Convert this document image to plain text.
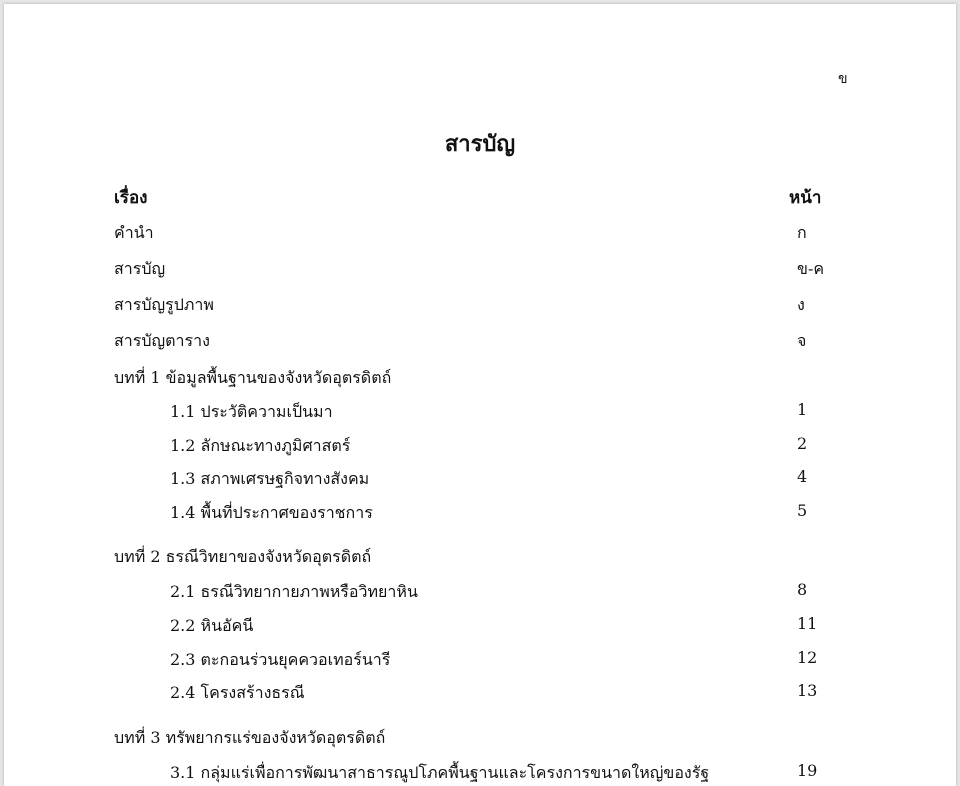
ข
สารบัญ
เรื่อง	หน้า
คำนำ	ก
สารบัญ	ข-ค
สารบัญรูปภาพ	ง
สารบัญตาราง	จ
บทที่ 1 ข้อมูลพื้นฐานของจังหวัดอุตรดิตถ์
1.1 ประวัติความเป็นมา	1
1.2 ลักษณะทางภูมิศาสตร์	2
1.3 สภาพเศรษฐกิจทางสังคม	4
1.4 พื้นที่ประกาศของราชการ	5
บทที่ 2 ธรณีวิทยาของจังหวัดอุตรดิตถ์
2.1 ธรณีวิทยากายภาพหรือวิทยาหิน	8
2.2 หินอัคนี	11
2.3 ตะกอนร่วนยุคควอเทอร์นารี	12
2.4 โครงสร้างธรณี	13
บทที่ 3 ทรัพยากรแร่ของจังหวัดอุตรดิตถ์
3.1 กลุ่มแร่เพื่อการพัฒนาสาธารณูปโภคพื้นฐานและโครงการขนาดใหญ่ของรัฐ	19
